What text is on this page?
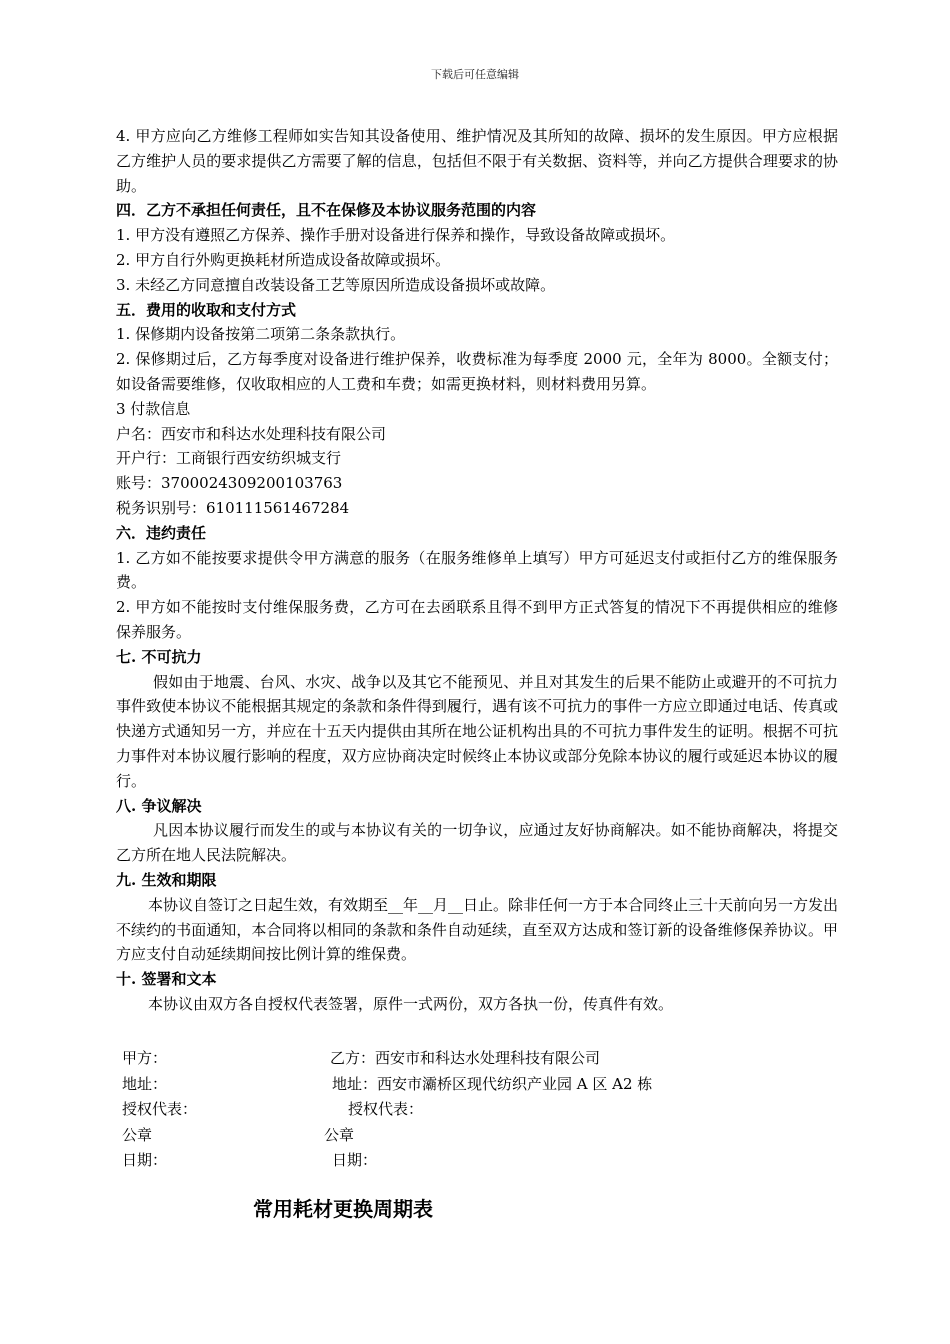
下载后可任意编辑

4. 甲方应向乙方维修工程师如实告知其设备使用、维护情况及其所知的故障、损坏的发生原因。甲方应根据乙方维护人员的要求提供乙方需要了解的信息，包括但不限于有关数据、资料等，并向乙方提供合理要求的协助。

四．乙方不承担任何责任，且不在保修及本协议服务范围的内容

1. 甲方没有遵照乙方保养、操作手册对设备进行保养和操作，导致设备故障或损坏。

2. 甲方自行外购更换耗材所造成设备故障或损坏。

3. 未经乙方同意擅自改装设备工艺等原因所造成设备损坏或故障。

五．费用的收取和支付方式

1. 保修期内设备按第二项第二条条款执行。

2. 保修期过后，乙方每季度对设备进行维护保养，收费标准为每季度 2000 元，全年为 8000。全额支付；如设备需要维修，仅收取相应的人工费和车费；如需更换材料，则材料费用另算。

3 付款信息

户名：西安市和科达水处理科技有限公司

开户行：工商银行西安纺织城支行

账号：3700024309200103763

税务识别号：610111561467284

六．违约责任

1. 乙方如不能按要求提供令甲方满意的服务（在服务维修单上填写）甲方可延迟支付或拒付乙方的维保服务费。

2. 甲方如不能按时支付维保服务费，乙方可在去函联系且得不到甲方正式答复的情况下不再提供相应的维修保养服务。

七. 不可抗力

假如由于地震、台风、水灾、战争以及其它不能预见、并且对其发生的后果不能防止或避开的不可抗力事件致使本协议不能根据其规定的条款和条件得到履行，遇有该不可抗力的事件一方应立即通过电话、传真或快递方式通知另一方，并应在十五天内提供由其所在地公证机构出具的不可抗力事件发生的证明。根据不可抗力事件对本协议履行影响的程度，双方应协商决定时候终止本协议或部分免除本协议的履行或延迟本协议的履行。

八. 争议解决

凡因本协议履行而发生的或与本协议有关的一切争议，应通过友好协商解决。如不能协商解决，将提交乙方所在地人民法院解决。

九. 生效和期限

本协议自签订之日起生效，有效期至__年__月__日止。除非任何一方于本合同终止三十天前向另一方发出不续约的书面通知，本合同将以相同的条款和条件自动延续，直至双方达成和签订新的设备维修保养协议。甲方应支付自动延续期间按比例计算的维保费。

十. 签署和文本

本协议由双方各自授权代表签署，原件一式两份，双方各执一份，传真件有效。

甲方：	乙方：西安市和科达水处理科技有限公司
地址：	地址：西安市灞桥区现代纺织产业园 A 区 A2 栋
授权代表：	授权代表：
公章	公章
日期：	日期：
常用耗材更换周期表
